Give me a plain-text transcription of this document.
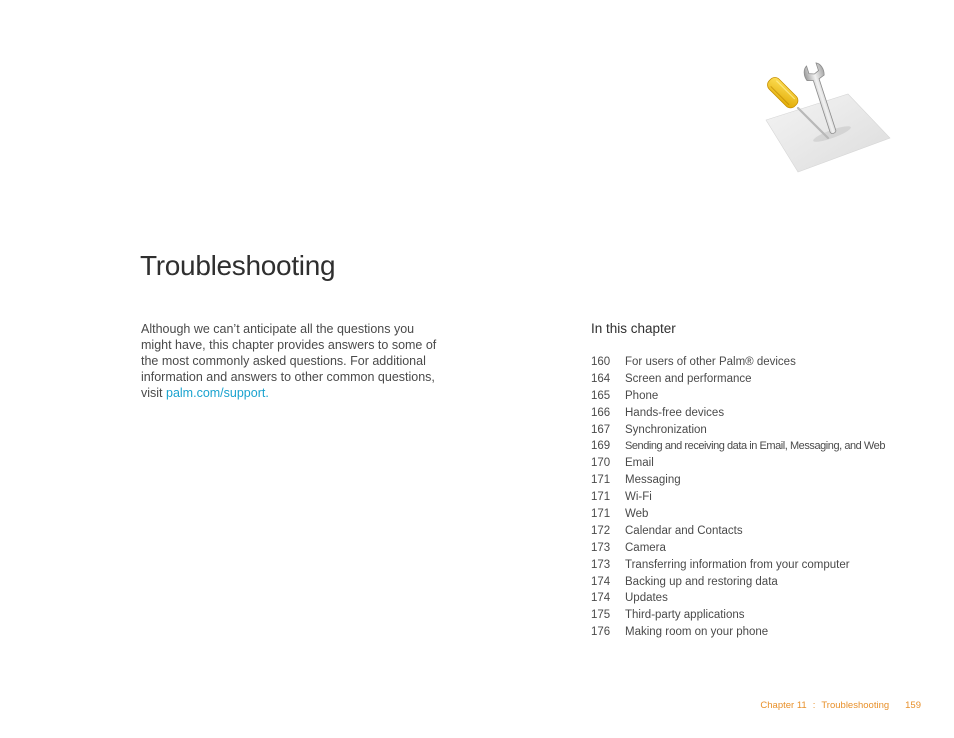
Troubleshooting

Although we can’t anticipate all the questions you might have, this chapter provides answers to some of the most commonly asked questions. For additional information and answers to other common questions, visit palm.com/support.

In this chapter
160 For users of other Palm® devices
164 Screen and performance
165 Phone
166 Hands-free devices
167 Synchronization
169 Sending and receiving data in Email, Messaging, and Web
170 Email
171 Messaging
171 Wi-Fi
171 Web
172 Calendar and Contacts
173 Camera
173 Transferring information from your computer
174 Backing up and restoring data
174 Updates
175 Third-party applications
176 Making room on your phone
Chapter 11 : Troubleshooting 159
